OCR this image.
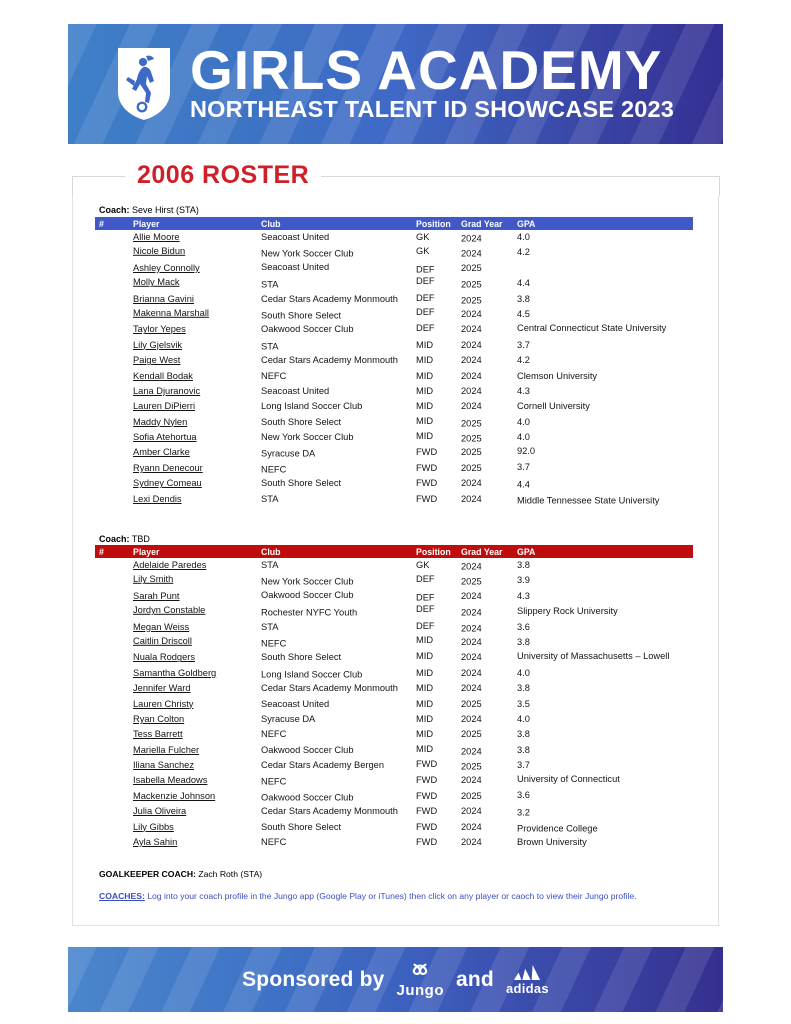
GIRLS ACADEMY
NORTHEAST TALENT ID SHOWCASE 2023
2006 ROSTER
Coach: Seve Hirst (STA)
#	Player	Club	Position	Grad Year	GPA
Allie Moore	Seacoast United	GK	2024	4.0
Nicole Bidun	New York Soccer Club	GK	2024	4.2
Ashley Connolly	Seacoast United	DEF	2025
Molly Mack	STA	DEF	2025	4.4
Brianna Gavini	Cedar Stars Academy Monmouth	DEF	2025	3.8
Makenna Marshall	South Shore Select	DEF	2024	4.5
Taylor Yepes	Oakwood Soccer Club	DEF	2024	Central Connecticut State University
Lily Gjelsvik	STA	MID	2024	3.7
Paige West	Cedar Stars Academy Monmouth	MID	2024	4.2
Kendall Bodak	NEFC	MID	2024	Clemson University
Lana Djuranovic	Seacoast United	MID	2024	4.3
Lauren DiPierri	Long Island Soccer Club	MID	2024	Cornell University
Maddy Nylen	South Shore Select	MID	2025	4.0
Sofia Atehortua	New York Soccer Club	MID	2025	4.0
Amber Clarke	Syracuse DA	FWD	2025	92.0
Ryann Denecour	NEFC	FWD	2025	3.7
Sydney Comeau	South Shore Select	FWD	2024	4.4
Lexi Dendis	STA	FWD	2024	Middle Tennessee State University
Coach: TBD
#	Player	Club	Position	Grad Year	GPA
Adelaide Paredes	STA	GK	2024	3.8
Lily Smith	New York Soccer Club	DEF	2025	3.9
Sarah Punt	Oakwood Soccer Club	DEF	2024	4.3
Jordyn Constable	Rochester NYFC Youth	DEF	2024	Slippery Rock University
Megan Weiss	STA	DEF	2024	3.6
Caitlin Driscoll	NEFC	MID	2024	3.8
Nuala Rodgers	South Shore Select	MID	2024	University of Massachusetts – Lowell
Samantha Goldberg	Long Island Soccer Club	MID	2024	4.0
Jennifer Ward	Cedar Stars Academy Monmouth	MID	2024	3.8
Lauren Christy	Seacoast United	MID	2025	3.5
Ryan Colton	Syracuse DA	MID	2024	4.0
Tess Barrett	NEFC	MID	2025	3.8
Mariella Fulcher	Oakwood Soccer Club	MID	2024	3.8
Iliana Sanchez	Cedar Stars Academy Bergen	FWD	2025	3.7
Isabella Meadows	NEFC	FWD	2024	University of Connecticut
Mackenzie Johnson	Oakwood Soccer Club	FWD	2025	3.6
Julia Oliveira	Cedar Stars Academy Monmouth	FWD	2024	3.2
Lily Gibbs	South Shore Select	FWD	2024	Providence College
Ayla Sahin	NEFC	FWD	2024	Brown University
GOALKEEPER COACH: Zach Roth (STA)
COACHES: Log into your coach profile in the Jungo app (Google Play or iTunes) then click on any player or caoch to view their Jungo profile.
Sponsored by Jungo and adidas
